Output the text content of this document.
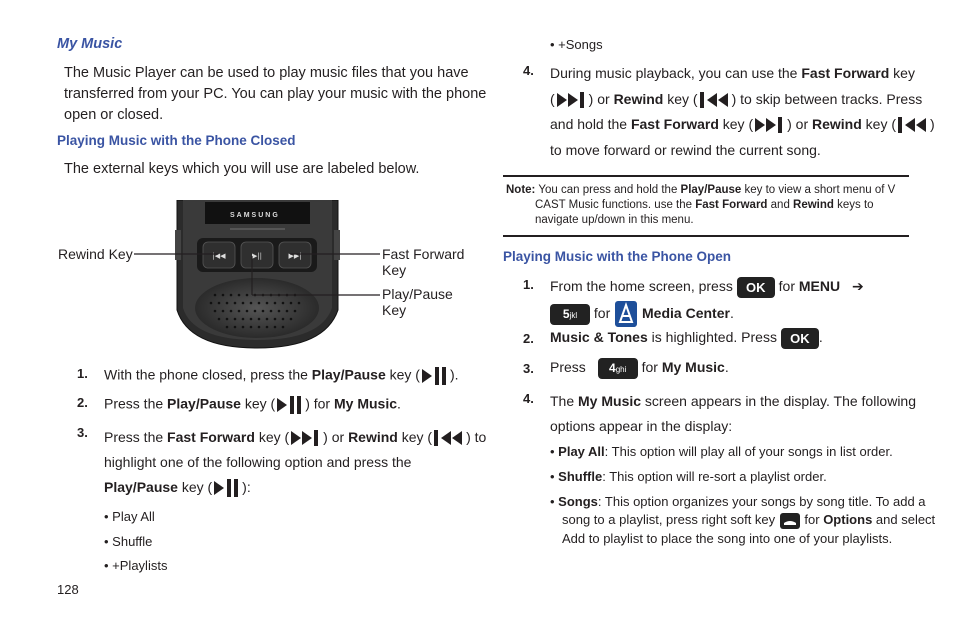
My Music
The Music Player can be used to play music files that you have
transferred from your PC. You can play your music with the phone
open or closed.
Playing Music with the Phone Closed
The external keys which you will use are labeled below.
|◀◀	▶||	▶▶|
SAMSUNG
Rewind Key	Fast Forward
Key
Play/Pause
Key
1. With the phone closed, press the Play/Pause key ( ).
2. Press the Play/Pause key ( ) for My Music.
3. Press the Fast Forward key ( ) or Rewind key ( ) to
highlight one of the following option and press the
Play/Pause key ( ):
• Play All
• Shuffle
• +Playlists
128
• +Songs
4. During music playback, you can use the Fast Forward key
( ) or Rewind key ( ) to skip between tracks. Press
and hold the Fast Forward key ( ) or Rewind key ( )
to move forward or rewind the current song.
Note: You can press and hold the Play/Pause key to view a short menu of V
CAST Music functions. use the Fast Forward and Rewind keys to
navigate up/down in this menu.
Playing Music with the Phone Open
1. From the home screen, press OK for MENU ➔
5jkl for  Media Center.
2. Music & Tones is highlighted. Press OK .
3. Press 4ghi for My Music.
4. The My Music screen appears in the display. The following
options appear in the display:
• Play All: This option will play all of your songs in list order.
• Shuffle: This option will re-sort a playlist order.
• Songs: This option organizes your songs by song title. To add a
song to a playlist, press right soft key  for Options and select
Add to playlist to place the song into one of your playlists.
